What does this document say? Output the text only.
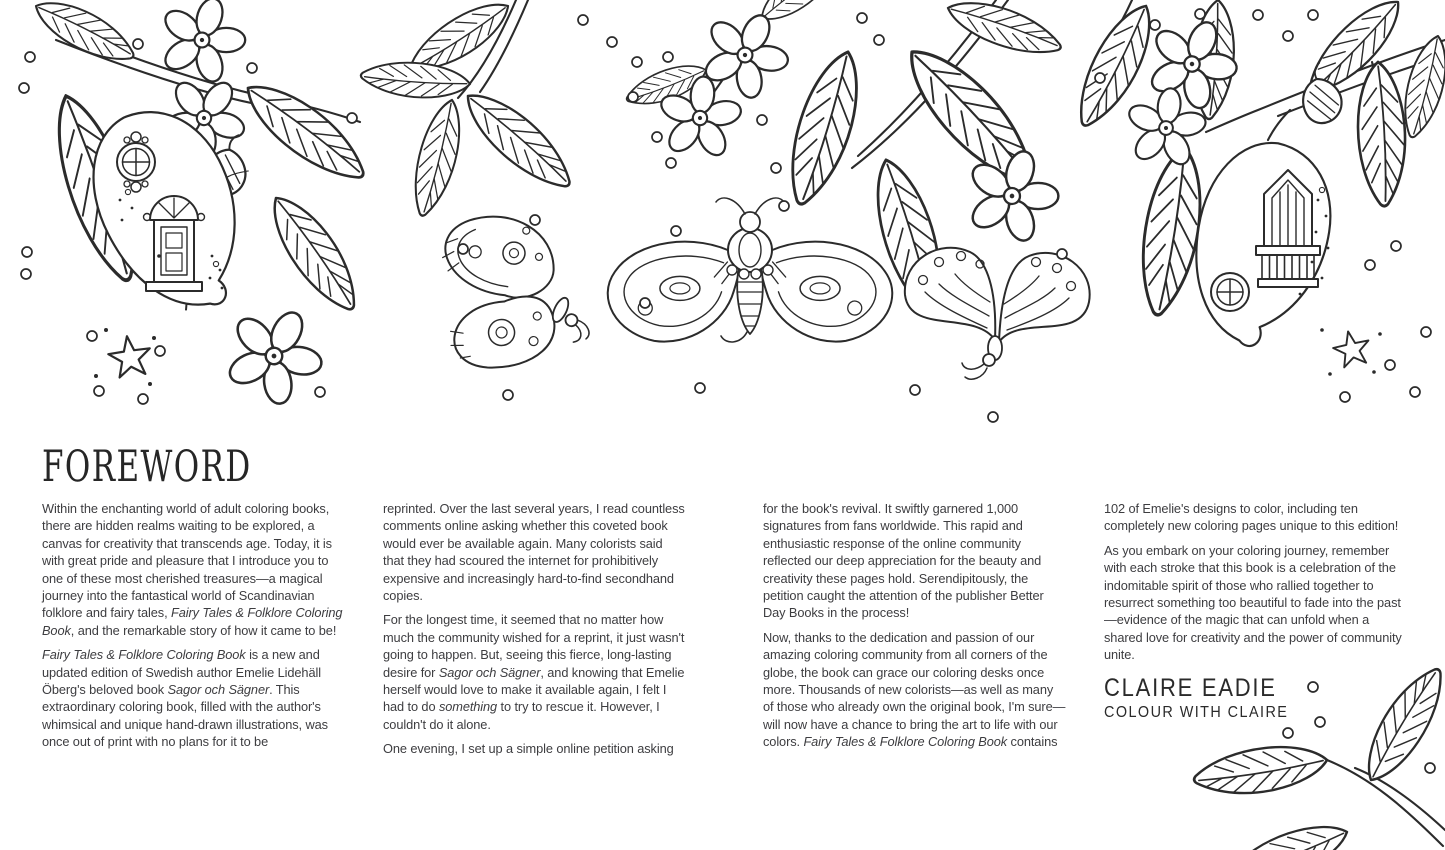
FOREWORD

Within the enchanting world of adult coloring books, there are hidden realms waiting to be explored, a canvas for creativity that transcends age. Today, it is with great pride and pleasure that I introduce you to one of these most cherished treasures—a magical journey into the fantastical world of Scandinavian folklore and fairy tales, Fairy Tales & Folklore Coloring Book, and the remarkable story of how it came to be!

Fairy Tales & Folklore Coloring Book is a new and updated edition of Swedish author Emelie Lidehäll Öberg's beloved book Sagor och Sägner. This extraordinary coloring book, filled with the author's whimsical and unique hand-drawn illustrations, was once out of print with no plans for it to be

reprinted. Over the last several years, I read countless comments online asking whether this coveted book would ever be available again. Many colorists said that they had scoured the internet for prohibitively expensive and increasingly hard-to-find secondhand copies.

For the longest time, it seemed that no matter how much the community wished for a reprint, it just wasn't going to happen. But, seeing this fierce, long-lasting desire for Sagor och Sägner, and knowing that Emelie herself would love to make it available again, I felt I had to do something to try to rescue it. However, I couldn't do it alone.

One evening, I set up a simple online petition asking

for the book's revival. It swiftly garnered 1,000 signatures from fans worldwide. This rapid and enthusiastic response of the online community reflected our deep appreciation for the beauty and creativity these pages hold. Serendipitously, the petition caught the attention of the publisher Better Day Books in the process!

Now, thanks to the dedication and passion of our amazing coloring community from all corners of the globe, the book can grace our coloring desks once more. Thousands of new colorists—as well as many of those who already own the original book, I'm sure—will now have a chance to bring the art to life with our colors. Fairy Tales & Folklore Coloring Book contains

102 of Emelie's designs to color, including ten completely new coloring pages unique to this edition!

As you embark on your coloring journey, remember with each stroke that this book is a celebration of the indomitable spirit of those who rallied together to resurrect something too beautiful to fade into the past—evidence of the magic that can unfold when a shared love for creativity and the power of community unite.

CLAIRE EADIE
COLOUR WITH CLAIRE
